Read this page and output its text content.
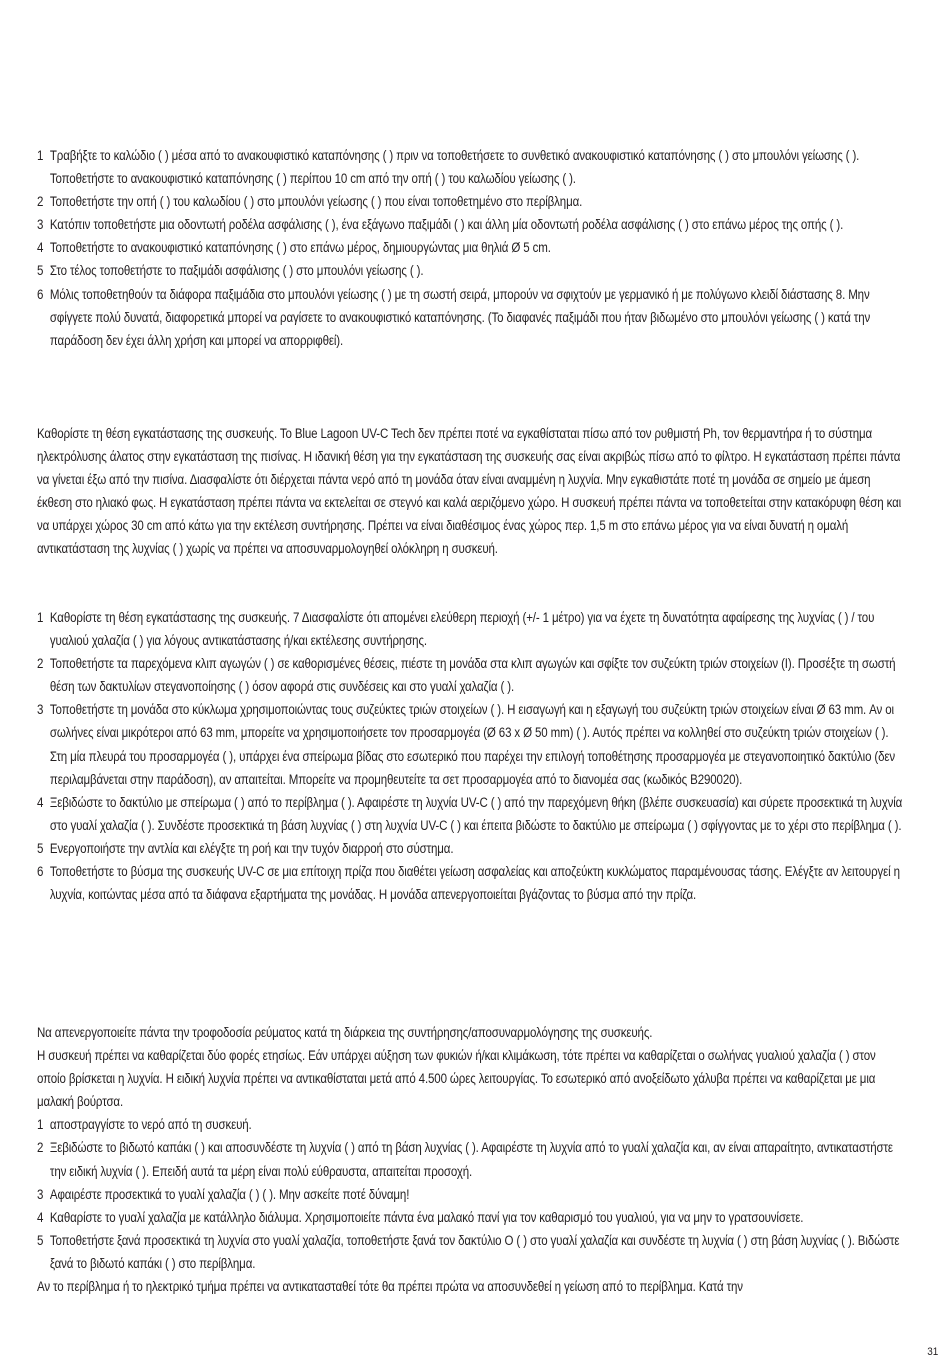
1 Τραβήξτε το καλώδιο ( ) μέσα από το ανακουφιστικό καταπόνησης ( ) πριν να τοποθετήσετε το συνθετικό ανακουφιστικό καταπόνησης ( ) στο μπουλόνι γείωσης ( ). Τοποθετήστε το ανακουφιστικό καταπόνησης ( ) περίπου 10 cm από την οπή ( ) του καλωδίου γείωσης ( ).
2 Τοποθετήστε την οπή ( ) του καλωδίου ( ) στο μπουλόνι γείωσης ( ) που είναι τοποθετημένο στο περίβλημα.
3 Κατόπιν τοποθετήστε μια οδοντωτή ροδέλα ασφάλισης ( ), ένα εξάγωνο παξιμάδι ( ) και άλλη μία οδοντωτή ροδέλα ασφάλισης ( ) στο επάνω μέρος της οπής ( ).
4 Τοποθετήστε το ανακουφιστικό καταπόνησης ( ) στο επάνω μέρος, δημιουργώντας μια θηλιά Ø 5 cm.
5 Στο τέλος τοποθετήστε το παξιμάδι ασφάλισης ( ) στο μπουλόνι γείωσης ( ).
6 Μόλις τοποθετηθούν τα διάφορα παξιμάδια στο μπουλόνι γείωσης ( ) με τη σωστή σειρά, μπορούν να σφιχτούν με γερμανικό ή με πολύγωνο κλειδί διάστασης 8. Μην σφίγγετε πολύ δυνατά, διαφορετικά μπορεί να ραγίσετε το ανακουφιστικό καταπόνησης. (Το διαφανές παξιμάδι που ήταν βιδωμένο στο μπουλόνι γείωσης ( ) κατά την παράδοση δεν έχει άλλη χρήση και μπορεί να απορριφθεί).

Καθορίστε τη θέση εγκατάστασης της συσκευής. Το Blue Lagoon UV-C Tech δεν πρέπει ποτέ να εγκαθίσταται πίσω από τον ρυθμιστή Ph, τον θερμαντήρα ή το σύστημα ηλεκτρόλυσης άλατος στην εγκατάσταση της πισίνας. Η ιδανική θέση για την εγκατάσταση της συσκευής σας είναι ακριβώς πίσω από το φίλτρο. Η εγκατάσταση πρέπει πάντα να γίνεται έξω από την πισίνα. Διασφαλίστε ότι διέρχεται πάντα νερό από τη μονάδα όταν είναι αναμμένη η λυχνία. Μην εγκαθιστάτε ποτέ τη μονάδα σε σημείο με άμεση έκθεση στο ηλιακό φως. Η εγκατάσταση πρέπει πάντα να εκτελείται σε στεγνό και καλά αεριζόμενο χώρο. Η συσκευή πρέπει πάντα να τοποθετείται στην κατακόρυφη θέση και να υπάρχει χώρος 30 cm από κάτω για την εκτέλεση συντήρησης. Πρέπει να είναι διαθέσιμος ένας χώρος περ. 1,5 m στο επάνω μέρος για να είναι δυνατή η ομαλή αντικατάσταση της λυχνίας ( ) χωρίς να πρέπει να αποσυναρμολογηθεί ολόκληρη η συσκευή.

1 Καθορίστε τη θέση εγκατάστασης της συσκευής. 7 Διασφαλίστε ότι απομένει ελεύθερη περιοχή (+/- 1 μέτρο) για να έχετε τη δυνατότητα αφαίρεσης της λυχνίας ( ) / του γυαλιού χαλαζία ( ) για λόγους αντικατάστασης ή/και εκτέλεσης συντήρησης.
2 Τοποθετήστε τα παρεχόμενα κλιπ αγωγών ( ) σε καθορισμένες θέσεις, πιέστε τη μονάδα στα κλιπ αγωγών και σφίξτε τον συζεύκτη τριών στοιχείων (I). Προσέξτε τη σωστή θέση των δακτυλίων στεγανοποίησης ( ) όσον αφορά στις συνδέσεις και στο γυαλί χαλαζία ( ).
3 Τοποθετήστε τη μονάδα στο κύκλωμα χρησιμοποιώντας τους συζεύκτες τριών στοιχείων ( ). Η εισαγωγή και η εξαγωγή του συζεύκτη τριών στοιχείων είναι Ø 63 mm. Αν οι σωλήνες είναι μικρότεροι από 63 mm, μπορείτε να χρησιμοποιήσετε τον προσαρμογέα (Ø 63 x Ø 50 mm) ( ). Αυτός πρέπει να κολληθεί στο συζεύκτη τριών στοιχείων ( ). Στη μία πλευρά του προσαρμογέα ( ), υπάρχει ένα σπείρωμα βίδας στο εσωτερικό που παρέχει την επιλογή τοποθέτησης προσαρμογέα με στεγανοποιητικό δακτύλιο (δεν περιλαμβάνεται στην παράδοση), αν απαιτείται. Μπορείτε να προμηθευτείτε τα σετ προσαρμογέα από το διανομέα σας (κωδικός B290020).
4 Ξεβιδώστε το δακτύλιο με σπείρωμα ( ) από το περίβλημα ( ). Αφαιρέστε τη λυχνία UV-C ( ) από την παρεχόμενη θήκη (βλέπε συσκευασία) και σύρετε προσεκτικά τη λυχνία στο γυαλί χαλαζία ( ). Συνδέστε προσεκτικά τη βάση λυχνίας ( ) στη λυχνία UV-C ( ) και έπειτα βιδώστε το δακτύλιο με σπείρωμα ( ) σφίγγοντας με το χέρι στο περίβλημα ( ).
5 Ενεργοποιήστε την αντλία και ελέγξτε τη ροή και την τυχόν διαρροή στο σύστημα.
6 Τοποθετήστε το βύσμα της συσκευής UV-C σε μια επίτοιχη πρίζα που διαθέτει γείωση ασφαλείας και αποζεύκτη κυκλώματος παραμένουσας τάσης. Ελέγξτε αν λειτουργεί η λυχνία, κοιτώντας μέσα από τα διάφανα εξαρτήματα της μονάδας. Η μονάδα απενεργοποιείται βγάζοντας το βύσμα από την πρίζα.

Να απενεργοποιείτε πάντα την τροφοδοσία ρεύματος κατά τη διάρκεια της συντήρησης/αποσυναρμολόγησης της συσκευής.

Η συσκευή πρέπει να καθαρίζεται δύο φορές ετησίως. Εάν υπάρχει αύξηση των φυκιών ή/και κλιμάκωση, τότε πρέπει να καθαρίζεται ο σωλήνας γυαλιού χαλαζία ( ) στον οποίο βρίσκεται η λυχνία. Η ειδική λυχνία πρέπει να αντικαθίσταται μετά από 4.500 ώρες λειτουργίας. Το εσωτερικό από ανοξείδωτο χάλυβα πρέπει να καθαρίζεται με μια μαλακή βούρτσα.

1 αποστραγγίστε το νερό από τη συσκευή.
2 Ξεβιδώστε το βιδωτό καπάκι ( ) και αποσυνδέστε τη λυχνία ( ) από τη βάση λυχνίας ( ). Αφαιρέστε τη λυχνία από το γυαλί χαλαζία και, αν είναι απαραίτητο, αντικαταστήστε την ειδική λυχνία ( ). Επειδή αυτά τα μέρη είναι πολύ εύθραυστα, απαιτείται προσοχή.
3 Αφαιρέστε προσεκτικά το γυαλί χαλαζία ( ) ( ). Μην ασκείτε ποτέ δύναμη!
4 Καθαρίστε το γυαλί χαλαζία με κατάλληλο διάλυμα. Χρησιμοποιείτε πάντα ένα μαλακό πανί για τον καθαρισμό του γυαλιού, για να μην το γρατσουνίσετε.
5 Τοποθετήστε ξανά προσεκτικά τη λυχνία στο γυαλί χαλαζία, τοποθετήστε ξανά τον δακτύλιο O ( ) στο γυαλί χαλαζία και συνδέστε τη λυχνία ( ) στη βάση λυχνίας ( ). Βιδώστε ξανά το βιδωτό καπάκι ( ) στο περίβλημα.

Αν το περίβλημα ή το ηλεκτρικό τμήμα πρέπει να αντικατασταθεί τότε θα πρέπει πρώτα να αποσυνδεθεί η γείωση από το περίβλημα. Κατά την

31
